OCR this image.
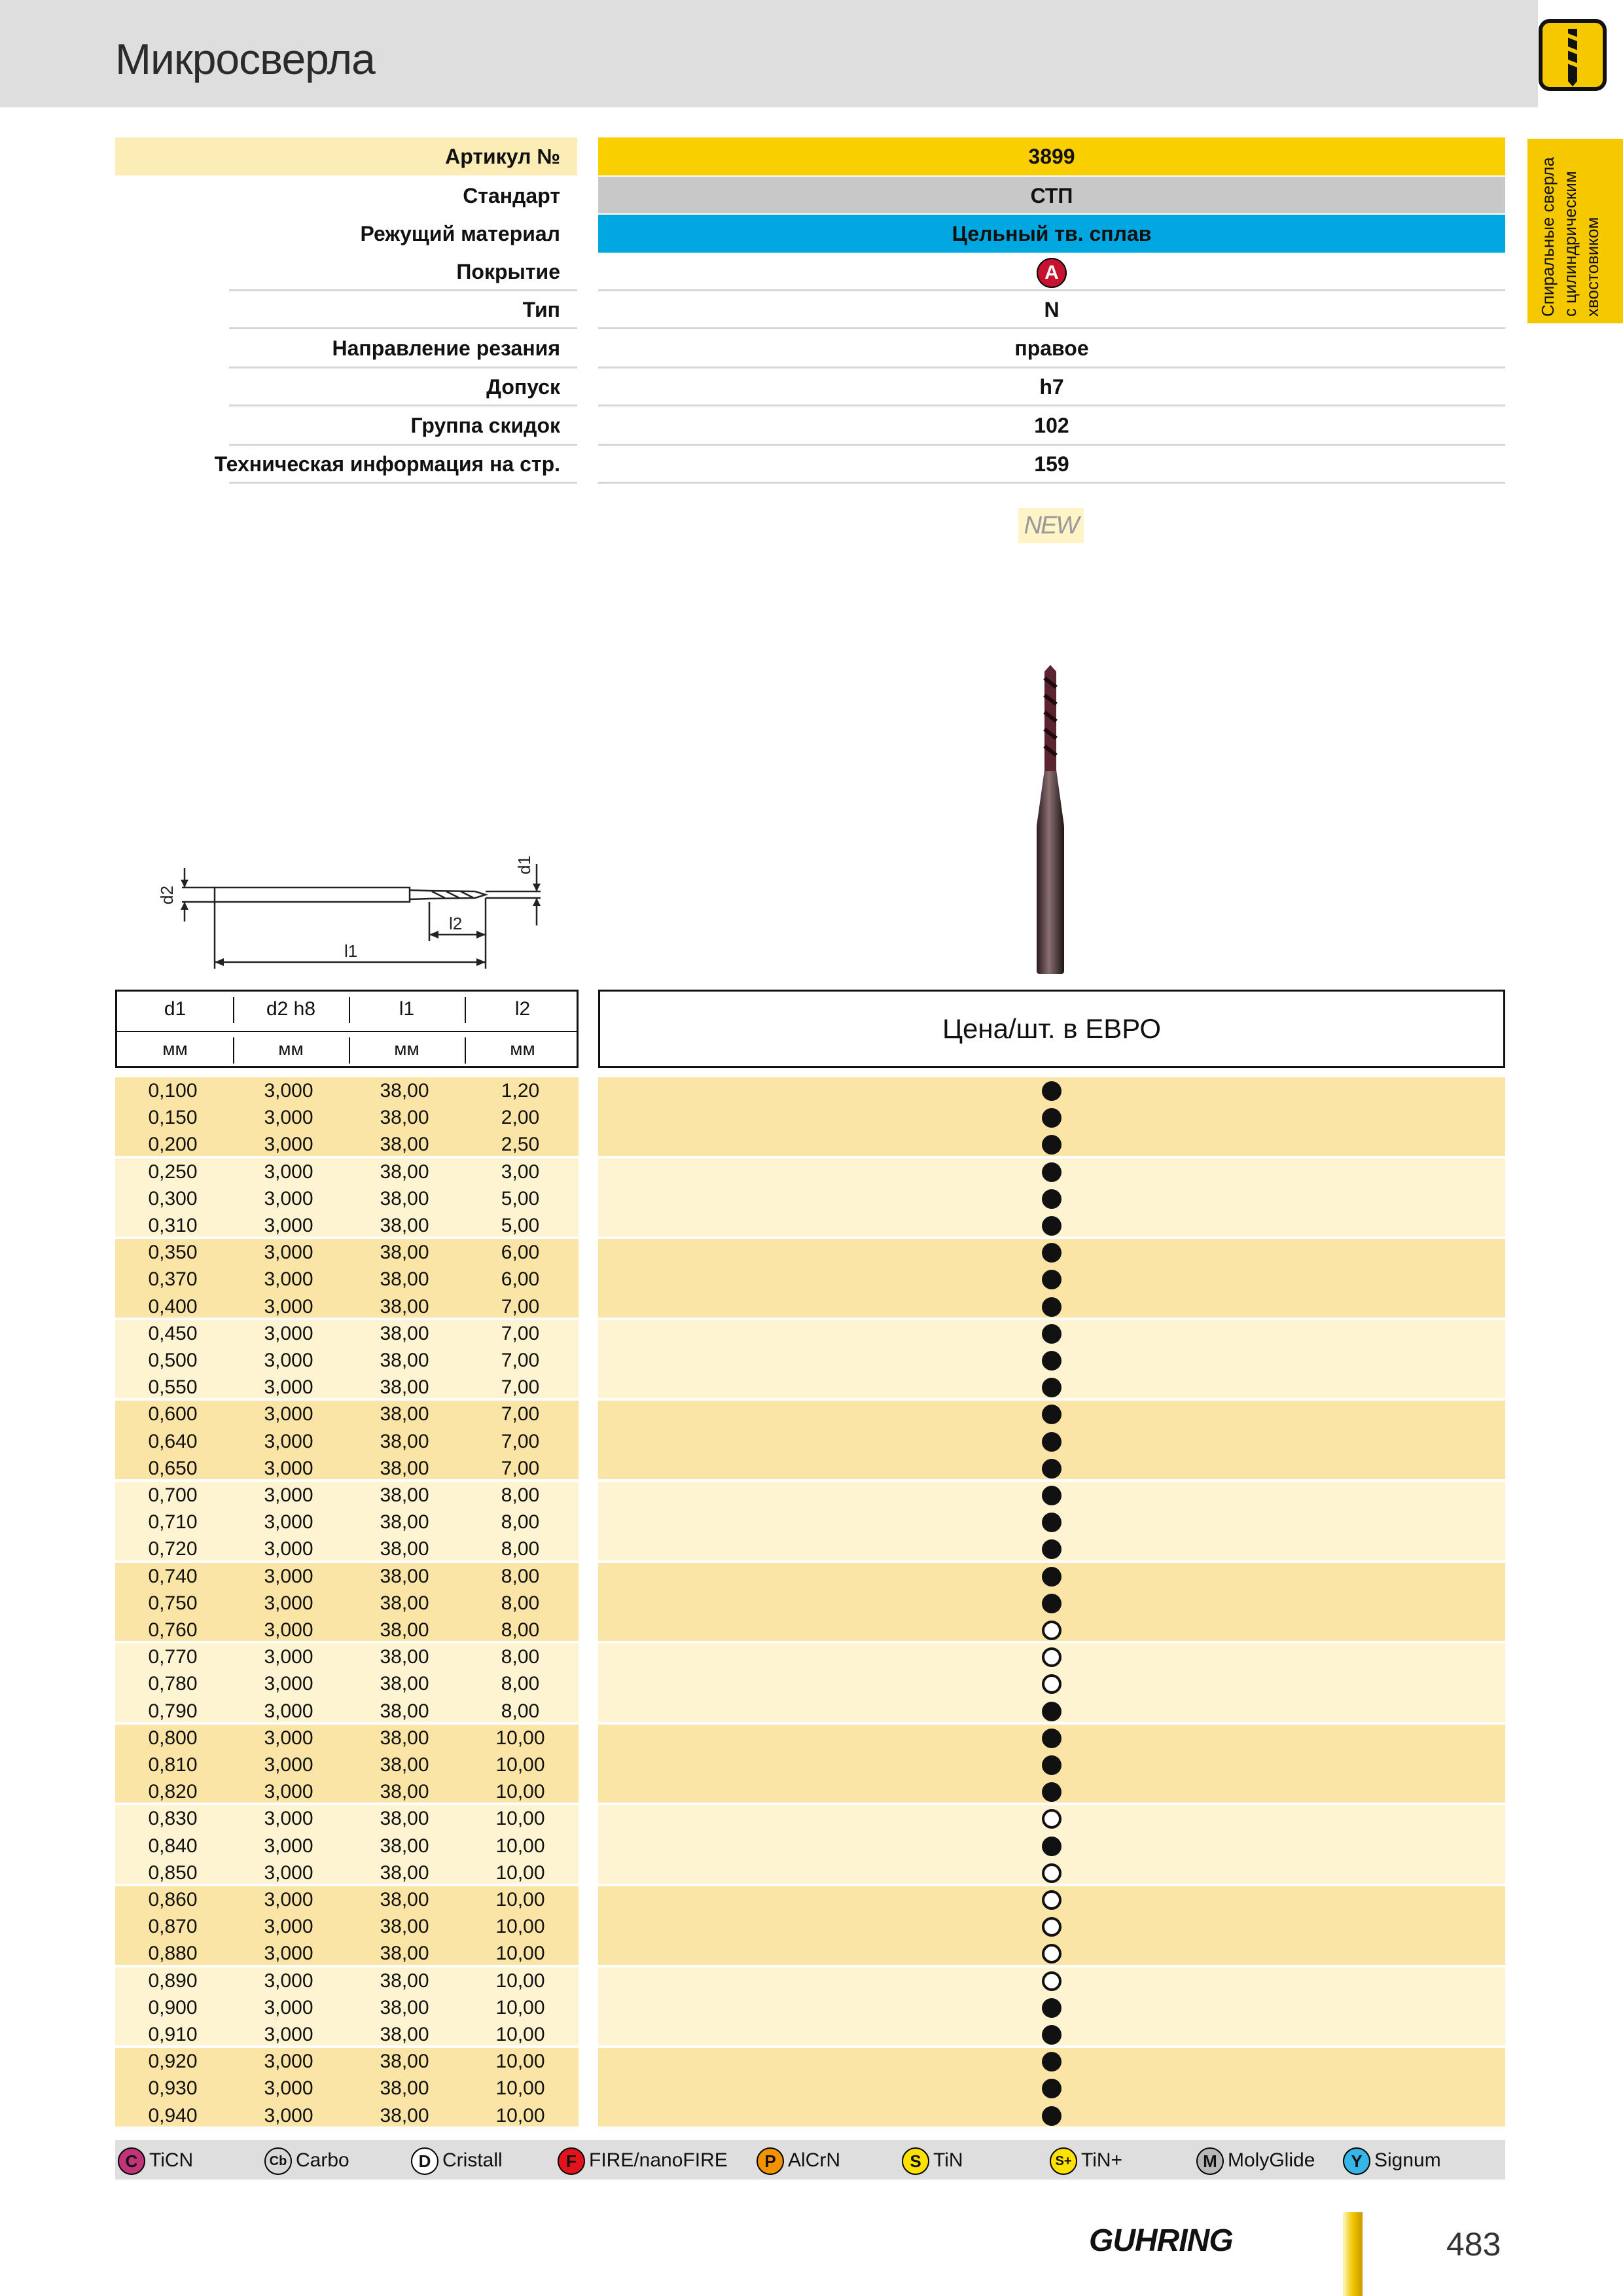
Микросверла
Спиральные сверла с цилиндрическим хвостовиком
Артикул №	3899
Стандарт	СТП
Режущий материал	Цельный тв. сплав
Покрытие	A
Тип	N
Направление резания	правое
Допуск	h7
Группа скидок	102
Техническая информация на стр.	159
NEW
d2
d1
l2
l1
d1	d2 h8	l1	l2
мм	мм	мм	мм
Цена/шт. в ЕВРО
0,100	3,000	38,00	1,20
0,150	3,000	38,00	2,00
0,200	3,000	38,00	2,50
0,250	3,000	38,00	3,00
0,300	3,000	38,00	5,00
0,310	3,000	38,00	5,00
0,350	3,000	38,00	6,00
0,370	3,000	38,00	6,00
0,400	3,000	38,00	7,00
0,450	3,000	38,00	7,00
0,500	3,000	38,00	7,00
0,550	3,000	38,00	7,00
0,600	3,000	38,00	7,00
0,640	3,000	38,00	7,00
0,650	3,000	38,00	7,00
0,700	3,000	38,00	8,00
0,710	3,000	38,00	8,00
0,720	3,000	38,00	8,00
0,740	3,000	38,00	8,00
0,750	3,000	38,00	8,00
0,760	3,000	38,00	8,00
0,770	3,000	38,00	8,00
0,780	3,000	38,00	8,00
0,790	3,000	38,00	8,00
0,800	3,000	38,00	10,00
0,810	3,000	38,00	10,00
0,820	3,000	38,00	10,00
0,830	3,000	38,00	10,00
0,840	3,000	38,00	10,00
0,850	3,000	38,00	10,00
0,860	3,000	38,00	10,00
0,870	3,000	38,00	10,00
0,880	3,000	38,00	10,00
0,890	3,000	38,00	10,00
0,900	3,000	38,00	10,00
0,910	3,000	38,00	10,00
0,920	3,000	38,00	10,00
0,930	3,000	38,00	10,00
0,940	3,000	38,00	10,00
C TiCN	Cb Carbo	D Cristall	F FIRE/nanoFIRE	P AlCrN	S TiN	S+ TiN+	M MolyGlide	Y Signum
GUHRING	483
